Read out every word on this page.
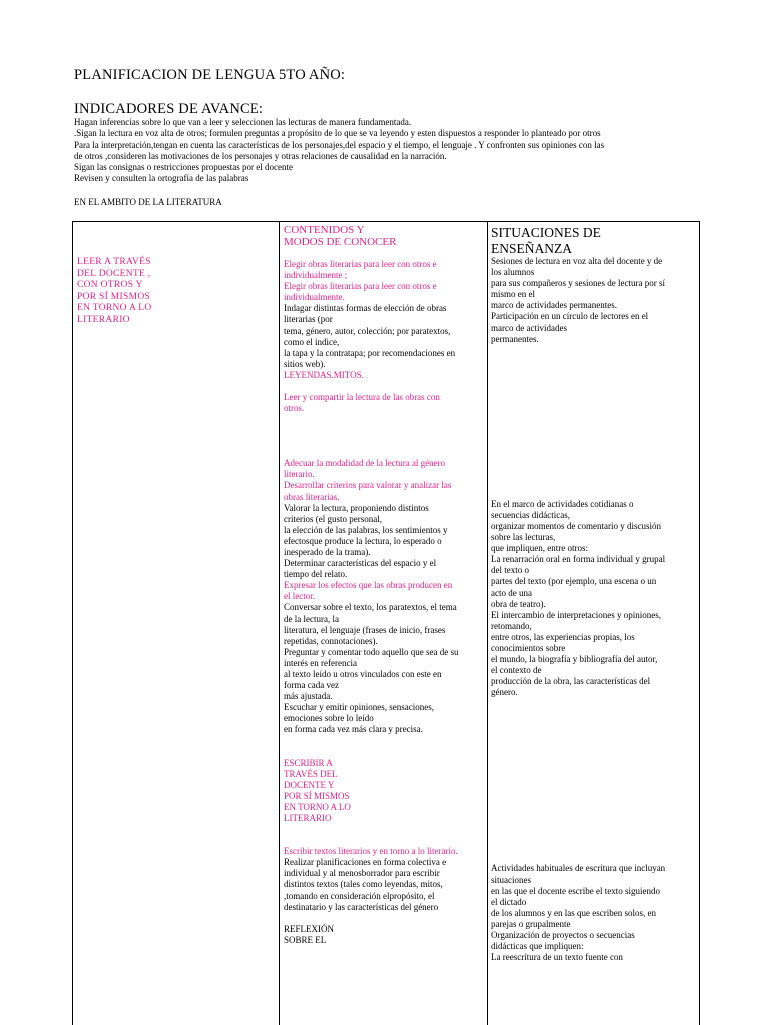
PLANIFICACION DE LENGUA 5TO AÑO:
INDICADORES DE AVANCE:
Hagan inferencias sobre lo que van a leer y seleccionen las lecturas de manera fundamentada.
.Sigan la lectura en voz alta de otros; formulen preguntas a propósito de lo que se va leyendo y esten dispuestos a responder lo planteado por otros
Para la interpretación,tengan en cuenta las características de los personajes,del espacio y el tiempo, el lenguaje . Y confronten sus opiniones con las
de otros ,consideren las motivaciones de los personajes y otras relaciones de causalidad en la narración.
Sigan las consignas o restricciones propuestas por el docente
Revisen y consulten la ortografía de las palabras
EN EL AMBITO DE LA LITERATURA
LEER A TRAVÉS
DEL DOCENTE ,
CON OTROS Y
POR SÍ MISMOS
EN TORNO A LO
LITERARIO
CONTENIDOS Y
MODOS DE CONOCER
Elegir obras literarias para leer con otros e
individualmente ;
Elegir obras literarias para leer con otros e
individualmente.
Indagar distintas formas de elección de obras
literarias (por
tema, género, autor, colección; por paratextos,
como el índice,
la tapa y la contratapa; por recomendaciones en
sitios web).
LEYENDAS.MITOS.
Leer y compartir la lectura de las obras con
otros.
Adecuar la modalidad de la lectura al género
literario.
Desarrollar criterios para valorar y analizar las
obras literarias.
Valorar la lectura, proponiendo distintos
criterios (el gusto personal,
la elección de las palabras, los sentimientos y
efectosque produce la lectura, lo esperado o
inesperado de la trama).
Determinar características del espacio y el
tiempo del relato.
Expresar los efectos que las obras producen en
el lector.
Conversar sobre el texto, los paratextos, el tema
de la lectura, la
literatura, el lenguaje (frases de inicio, frases
repetidas, connotaciones).
Preguntar y comentar todo aquello que sea de su
interés en referencia
al texto leído u otros vinculados con este en
forma cada vez
más ajustada.
Escuchar y emitir opiniones, sensaciones,
emociones sobre lo leído
en forma cada vez más clara y precisa.
ESCRIBIR A
TRAVÉS DEL
DOCENTE Y
POR SÍ MISMOS
EN TORNO A LO
LITERARIO
Escribir textos literarios y en torno a lo literario.
Realizar planificaciones en forma colectiva e
individual y al menosborrador para escribir
distintos textos (tales como leyendas, mitos,
,tomando en consideración elpropósito, el
destinatario y las características del género
REFLEXIÓN
SOBRE EL
SITUACIONES DE
ENSEÑANZA
Sesiones de lectura en voz alta del docente y de
los alumnos
para sus compañeros y sesiones de lectura por sí
mismo en el
marco de actividades permanentes.
Participación en un círculo de lectores en el
marco de actividades
permanentes.
En el marco de actividades cotidianas o
secuencias didácticas,
organizar momentos de comentario y discusión
sobre las lecturas,
que impliquen, entre otros:
La renarración oral en forma individual y grupal
del texto o
partes del texto (por ejemplo, una escena o un
acto de una
obra de teatro).
El intercambio de interpretaciones y opiniones,
retomando,
entre otros, las experiencias propias, los
conocimientos sobre
el mundo, la biografía y bibliografía del autor,
el contexto de
producción de la obra, las características del
género.
Actividades habituales de escritura que incluyan
situaciones
en las que el docente escribe el texto siguiendo
el dictado
de los alumnos y en las que escriben solos, en
parejas o grupalmente
Organización de proyectos o secuencias
didácticas que impliquen:
La reescritura de un texto fuente con
